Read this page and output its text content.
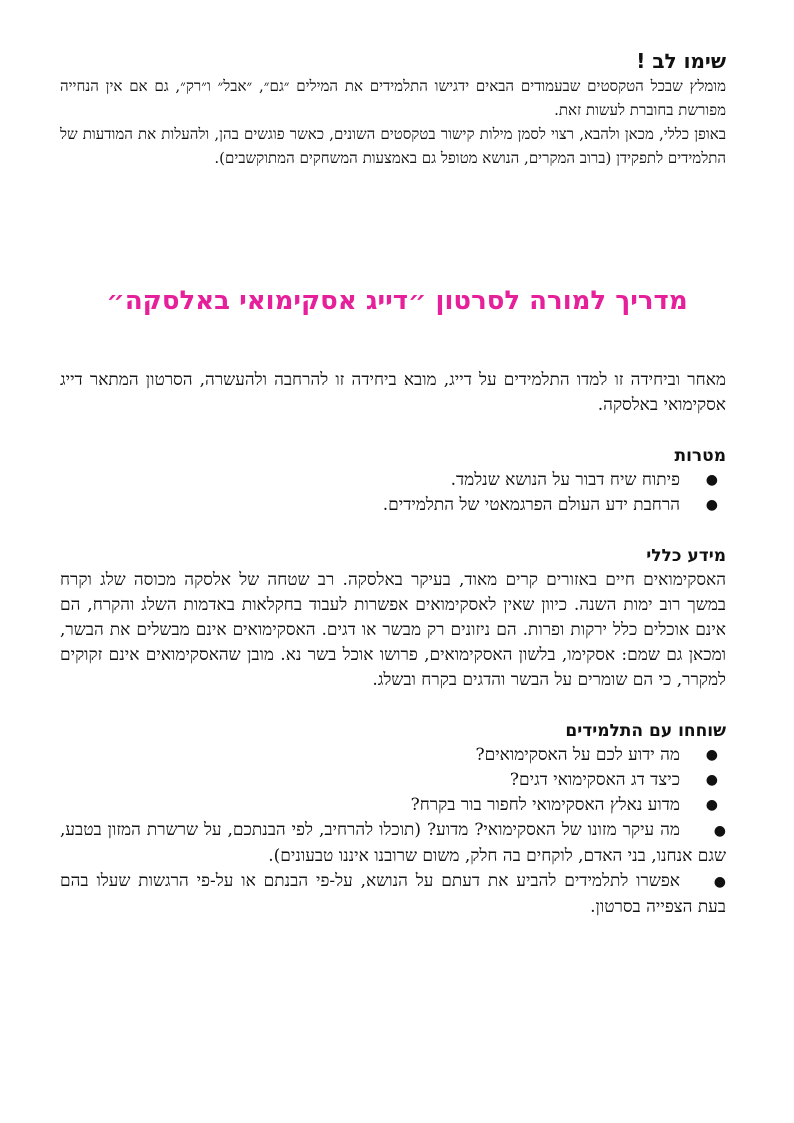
שימו לב !

מומלץ שבכל הטקסטים שבעמודים הבאים ידגישו התלמידים את המילים ״גם״, ״אבל״ ו״רק״, גם אם אין הנחייה מפורשת בחוברת לעשות זאת.

באופן כללי, מכאן ולהבא, רצוי לסמן מילות קישור בטקסטים השונים, כאשר פוגשים בהן, ולהעלות את המודעות של התלמידים לתפקידן (ברוב המקרים, הנושא מטופל גם באמצעות המשחקים המתוקשבים).

מדריך למורה לסרטון ״דייג אסקימואי באלסקה״

מאחר וביחידה זו למדו התלמידים על דייג, מובא ביחידה זו להרחבה ולהעשרה, הסרטון המתאר דייג אסקימואי באלסקה.

מטרות

●
פיתוח שיח דבור על הנושא שנלמד.
●
הרחבת ידע העולם הפרגמאטי של התלמידים.

מידע כללי

האסקימואים חיים באזורים קרים מאוד, בעיקר באלסקה. רב שטחה של אלסקה מכוסה שלג וקרח במשך רוב ימות השנה. כיוון שאין לאסקימואים אפשרות לעבוד בחקלאות באדמות השלג והקרח, הם אינם אוכלים כלל ירקות ופרות. הם ניזונים רק מבשר או דגים. האסקימואים אינם מבשלים את הבשר, ומכאן גם שמם: אסקימו, בלשון האסקימואים, פרושו אוכל בשר נא. מובן שהאסקימואים אינם זקוקים למקרר, כי הם שומרים על הבשר והדגים בקרח ובשלג.

שוחחו עם התלמידים

●
מה ידוע לכם על האסקימואים?
●
כיצד דג האסקימואי דגים?
●
מדוע נאלץ האסקימואי לחפור בור בקרח?
●מה עיקר מזונו של האסקימואי? מדוע? (תוכלו להרחיב, לפי הבנתכם, על שרשרת המזון בטבע, שגם אנחנו, בני האדם, לוקחים בה חלק, משום שרובנו איננו טבעונים).
●אפשרו לתלמידים להביע את דעתם על הנושא, על-פי הבנתם או על-פי הרגשות שעלו בהם בעת הצפייה בסרטון.
